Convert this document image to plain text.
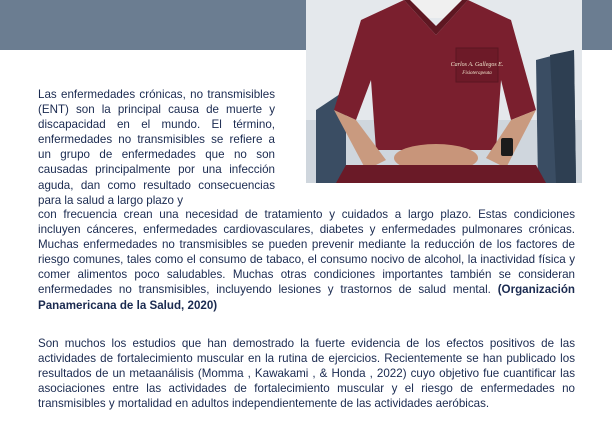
Carlos A. Gallegos E.
Fisioterapeuta

Las enfermedades crónicas, no transmisibles (ENT) son la principal causa de muerte y discapacidad en el mundo. El término, enfermedades no transmisibles se refiere a un grupo de enfermedades que no son causadas principalmente por una infección aguda, dan como resultado consecuencias para la salud a largo plazo y

con frecuencia crean una necesidad de tratamiento y cuidados a largo plazo. Estas condiciones incluyen cánceres, enfermedades cardiovasculares, diabetes y enfermedades pulmonares crónicas. Muchas enfermedades no transmisibles se pueden prevenir mediante la reducción de los factores de riesgo comunes, tales como el consumo de tabaco, el consumo nocivo de alcohol, la inactividad física y comer alimentos poco saludables. Muchas otras condiciones importantes también se consideran enfermedades no transmisibles, incluyendo lesiones y trastornos de salud mental. (Organización Panamericana de la Salud, 2020)

Son muchos los estudios que han demostrado la fuerte evidencia de los efectos positivos de las actividades de fortalecimiento muscular en la rutina de ejercicios. Recientemente se han publicado los resultados de un metaanálisis (Momma , Kawakami , & Honda , 2022) cuyo objetivo fue cuantificar las asociaciones entre las actividades de fortalecimiento muscular y el riesgo de enfermedades no transmisibles y mortalidad en adultos independientemente de las actividades aeróbicas.
